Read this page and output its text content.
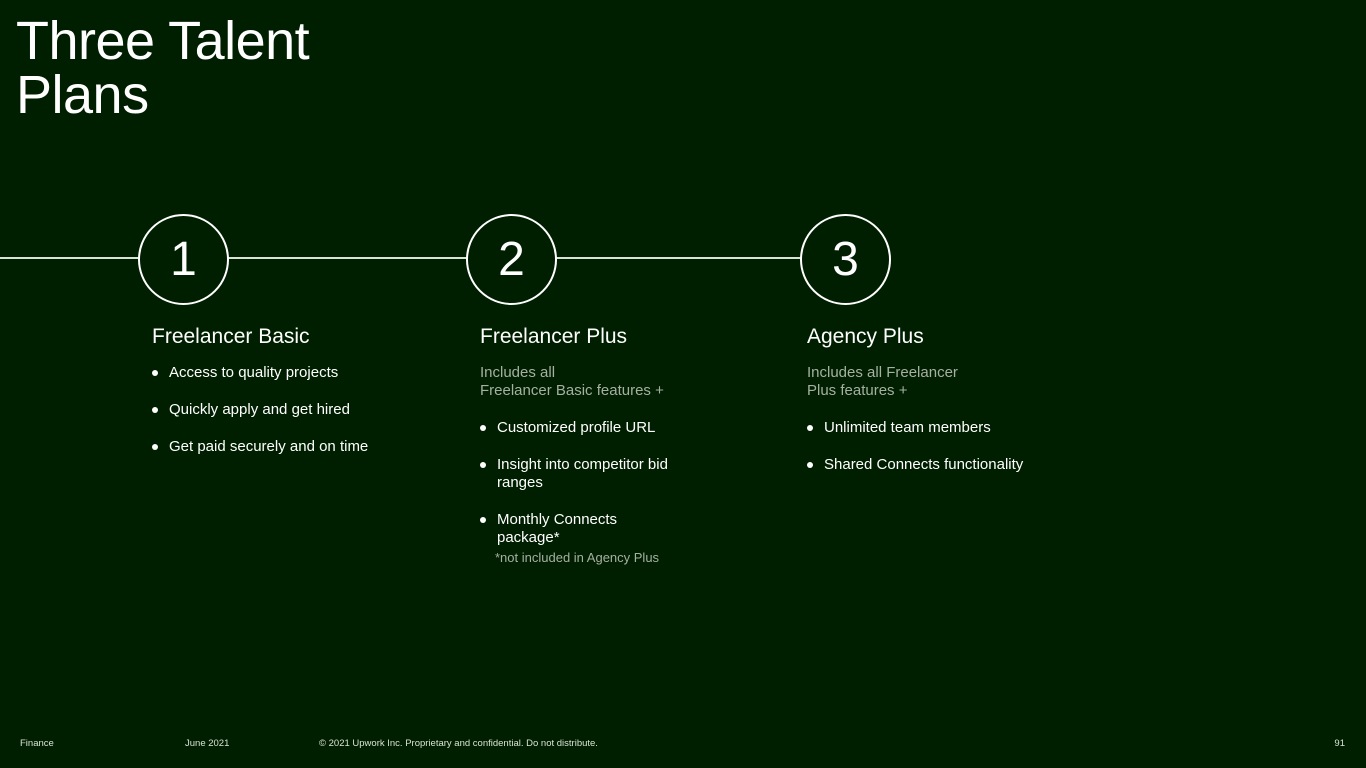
Three Talent
Plans
1	2	3
Freelancer Basic
Access to quality projects
Quickly apply and get hired
Get paid securely and on time
Freelancer Plus
Includes all
Freelancer Basic features +
Customized profile URL
Insight into competitor bid ranges
Monthly Connects package*
*not included in Agency Plus
Agency Plus
Includes all Freelancer
Plus features +
Unlimited team members
Shared Connects functionality
Finance	June 2021	© 2021 Upwork Inc. Proprietary and confidential. Do not distribute.	91
